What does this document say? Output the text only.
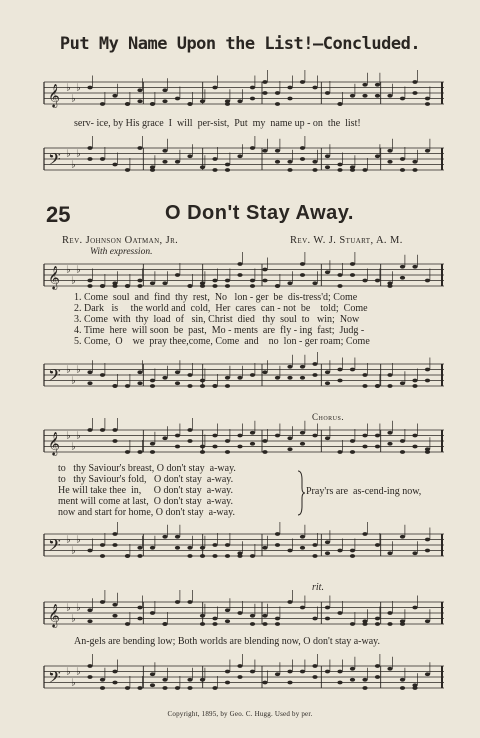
Put My Name Upon the List!—Concluded.
𝄞 ♭
♭
♭
serv- ice, by His grace  I  will  per-sist,  Put  my  name up - on  the  list!
𝄢 ♭
♭
♭
25	O Don't Stay Away.
Rev. Johnson Oatman, Jr.	Rev. W. J. Stuart, A. M.
With expression.
𝄞 ♭
♭
♭
1. Come  soul  and  find  thy  rest,  No   lon - ger  be  dis-tress'd; Come
2. Dark   is     the world and  cold,  Her  cares  can - not  be    told;  Come
3. Come  with  thy  load  of   sin, Christ  died   thy  soul  to   win;  Now
4. Time  here  will soon  be  past,  Mo - ments  are  fly - ing  fast;  Judg -
5. Come,  O    we  pray thee,come, Come  and    no  lon - ger roam; Come
𝄢 ♭
♭
♭
Chorus.
𝄞 ♭
♭
♭
to   thy Saviour's breast, O don't stay  a-way.
to   thy Saviour's fold,   O don't stay  a-way.
He will take thee  in,     O don't stay  a-way.
ment will come at last,  O don't stay  a-way.
now and start for home, O don't stay  a-way.
Pray'rs are  as-cend-ing now,
𝄢 ♭
♭
♭
rit.
𝄞 ♭
♭
♭
An-gels are bending low; Both worlds are blending now, O don't stay a-way.
𝄢 ♭
♭
♭
Copyright, 1895, by Geo. C. Hugg. Used by per.
